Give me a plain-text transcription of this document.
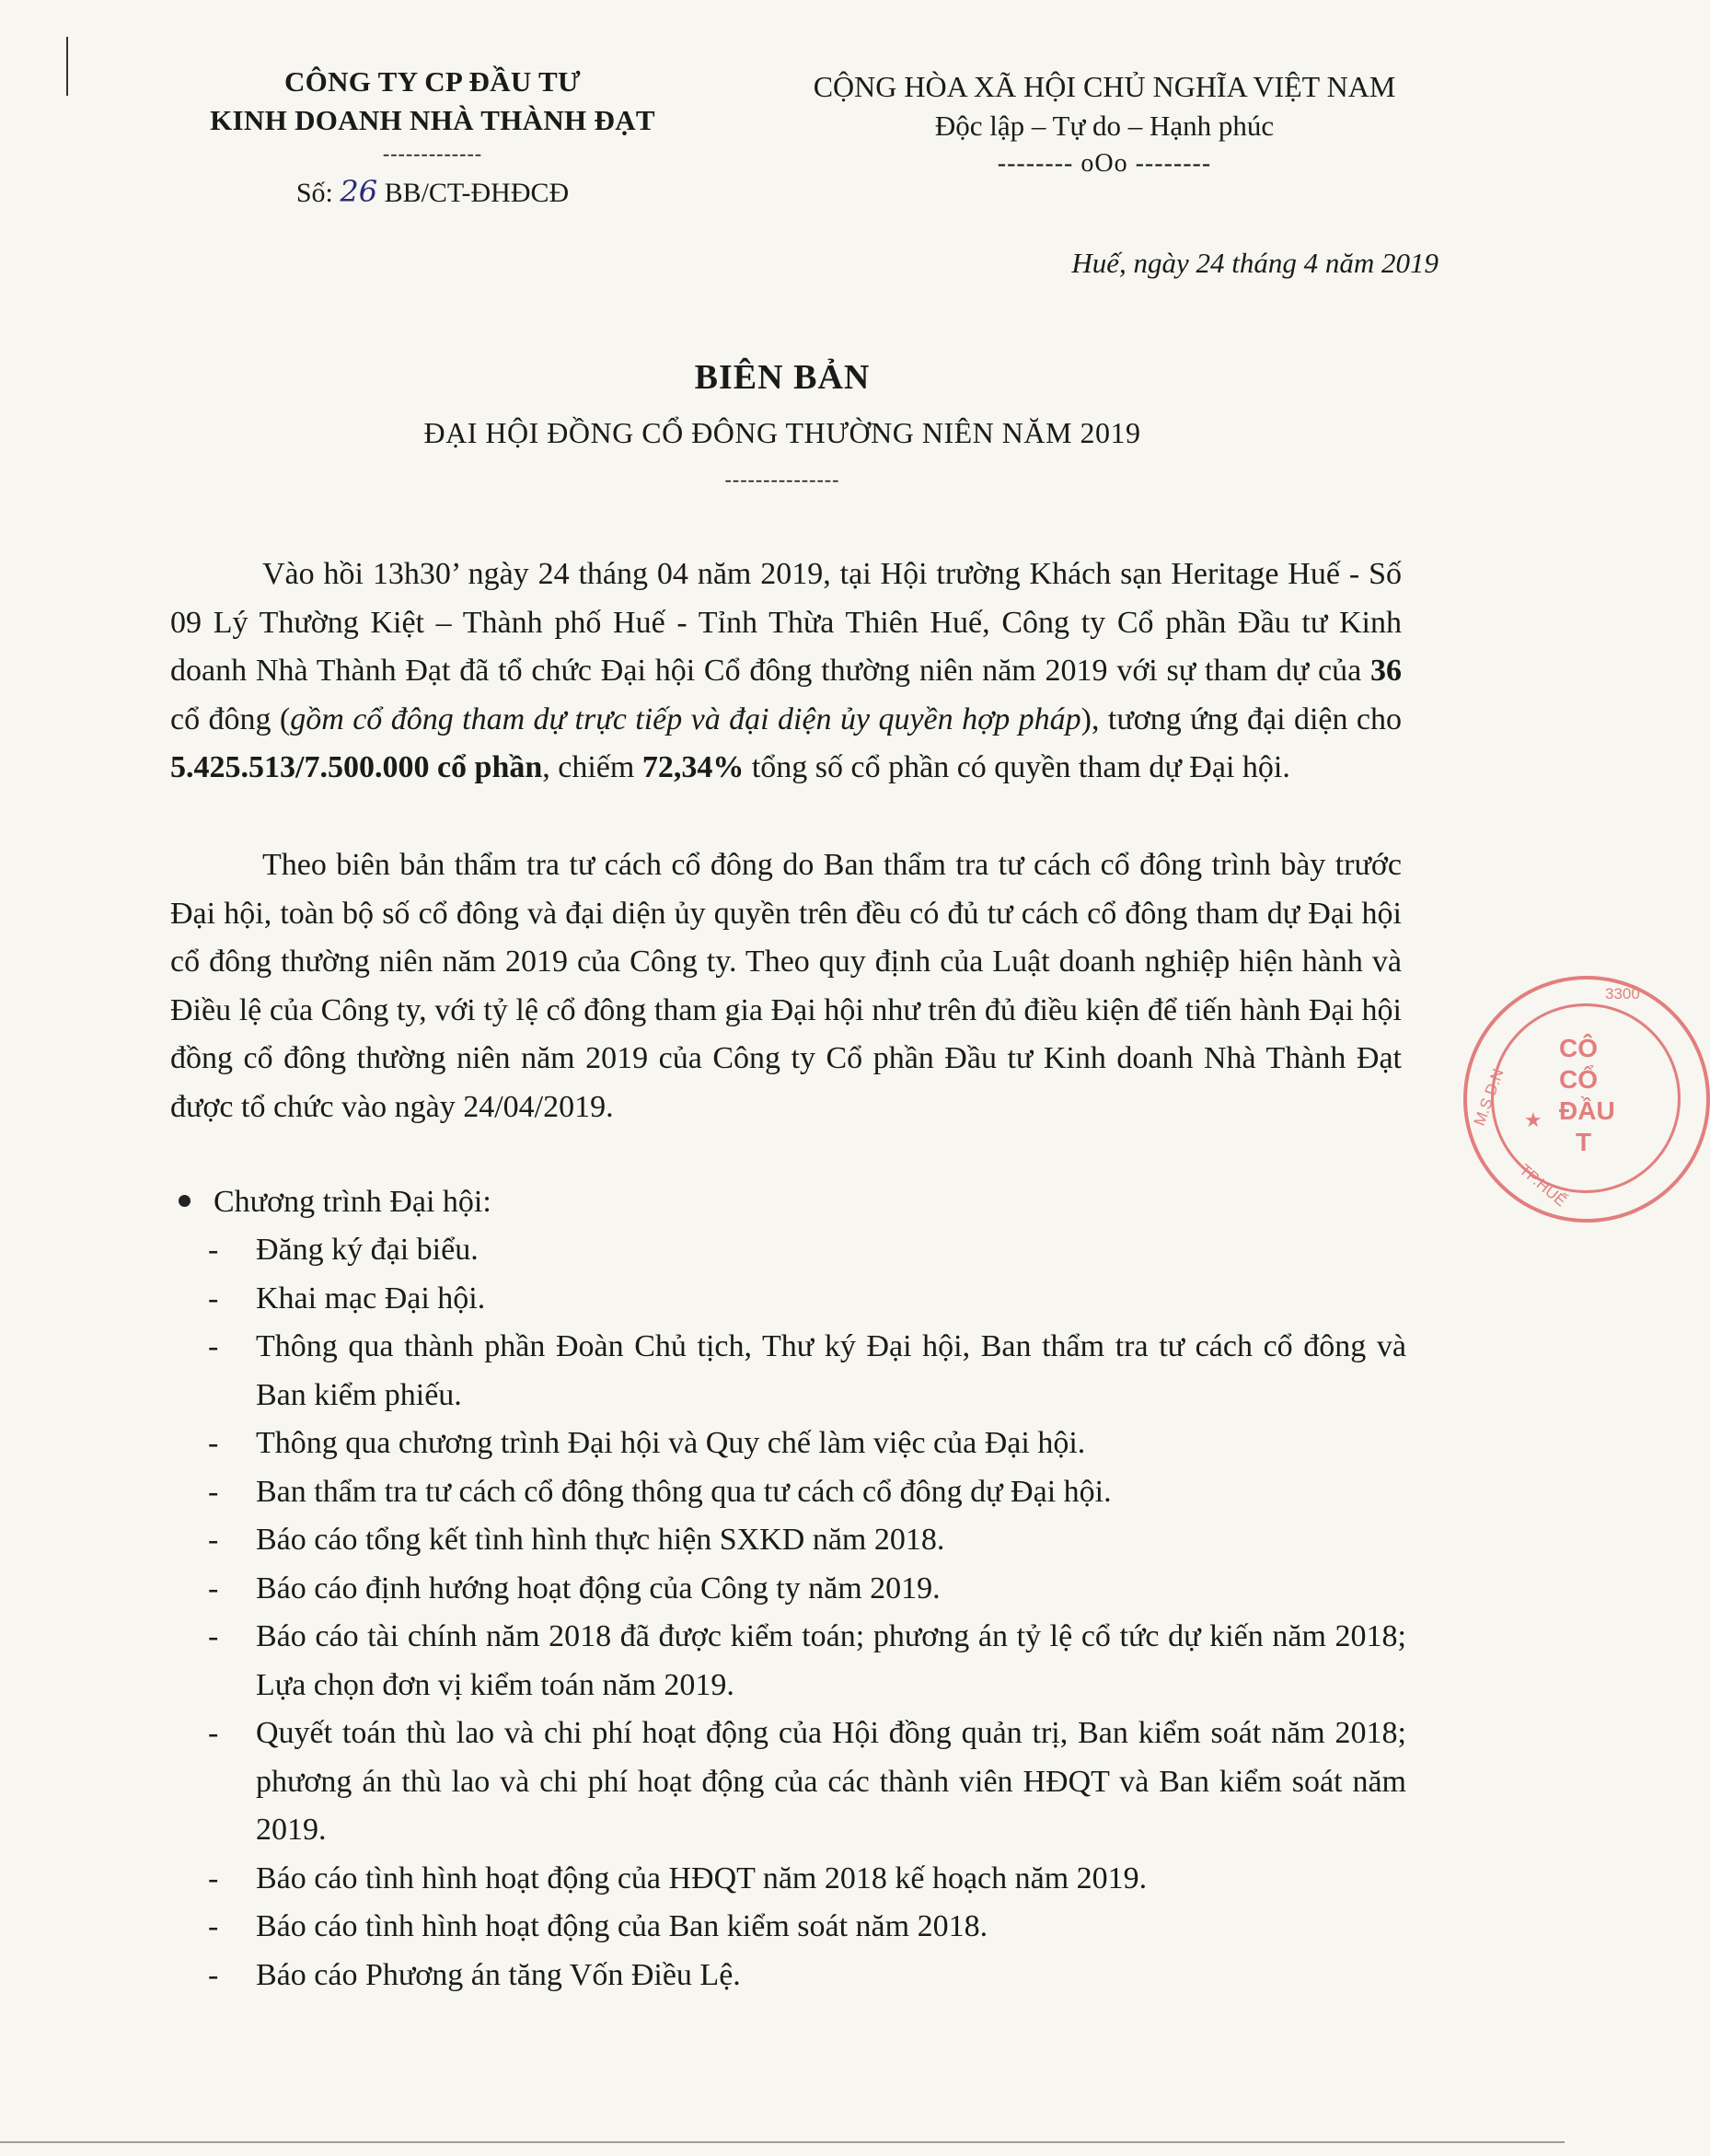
CÔNG TY CP ĐẦU TƯ
KINH DOANH NHÀ THÀNH ĐẠT
-------------
Số: 26 BB/CT-ĐHĐCĐ
CỘNG HÒA XÃ HỘI CHỦ NGHĨA VIỆT NAM
Độc lập – Tự do – Hạnh phúc
-------- oOo --------
Huế, ngày 24 tháng 4 năm 2019
BIÊN BẢN
ĐẠI HỘI ĐỒNG CỔ ĐÔNG THƯỜNG NIÊN NĂM 2019
---------------
Vào hồi 13h30’ ngày 24 tháng 04 năm 2019, tại Hội trường Khách sạn Heritage Huế - Số 09 Lý Thường Kiệt – Thành phố Huế - Tỉnh Thừa Thiên Huế, Công ty Cổ phần Đầu tư Kinh doanh Nhà Thành Đạt đã tổ chức Đại hội Cổ đông thường niên năm 2019 với sự tham dự của 36 cổ đông (gồm cổ đông tham dự trực tiếp và đại diện ủy quyền hợp pháp), tương ứng đại diện cho 5.425.513/7.500.000 cổ phần, chiếm 72,34% tổng số cổ phần có quyền tham dự Đại hội.
Theo biên bản thẩm tra tư cách cổ đông do Ban thẩm tra tư cách cổ đông trình bày trước Đại hội, toàn bộ số cổ đông và đại diện ủy quyền trên đều có đủ tư cách cổ đông tham dự Đại hội cổ đông thường niên năm 2019 của Công ty. Theo quy định của Luật doanh nghiệp hiện hành và Điều lệ của Công ty, với tỷ lệ cổ đông tham gia Đại hội như trên đủ điều kiện để tiến hành Đại hội đồng cổ đông thường niên năm 2019 của Công ty Cổ phần Đầu tư Kinh doanh Nhà Thành Đạt được tổ chức vào ngày 24/04/2019.
Chương trình Đại hội:
- Đăng ký đại biểu.
- Khai mạc Đại hội.
- Thông qua thành phần Đoàn Chủ tịch, Thư ký Đại hội, Ban thẩm tra tư cách cổ đông và Ban kiểm phiếu.
- Thông qua chương trình Đại hội và Quy chế làm việc của Đại hội.
- Ban thẩm tra tư cách cổ đông thông qua tư cách cổ đông dự Đại hội.
- Báo cáo tổng kết tình hình thực hiện SXKD năm 2018.
- Báo cáo định hướng hoạt động của Công ty năm 2019.
- Báo cáo tài chính năm 2018 đã được kiểm toán; phương án tỷ lệ cổ tức dự kiến năm 2018; Lựa chọn đơn vị kiểm toán năm 2019.
- Quyết toán thù lao và chi phí hoạt động của Hội đồng quản trị, Ban kiểm soát năm 2018; phương án thù lao và chi phí hoạt động của các thành viên HĐQT và Ban kiểm soát năm 2019.
- Báo cáo tình hình hoạt động của HĐQT năm 2018 kế hoạch năm 2019.
- Báo cáo tình hình hoạt động của Ban kiểm soát năm 2018.
- Báo cáo Phương án tăng Vốn Điều Lệ.
3300
M.S.D.N
TP.HUẾ
★
CÔ
CỔ
ĐẦU
T
